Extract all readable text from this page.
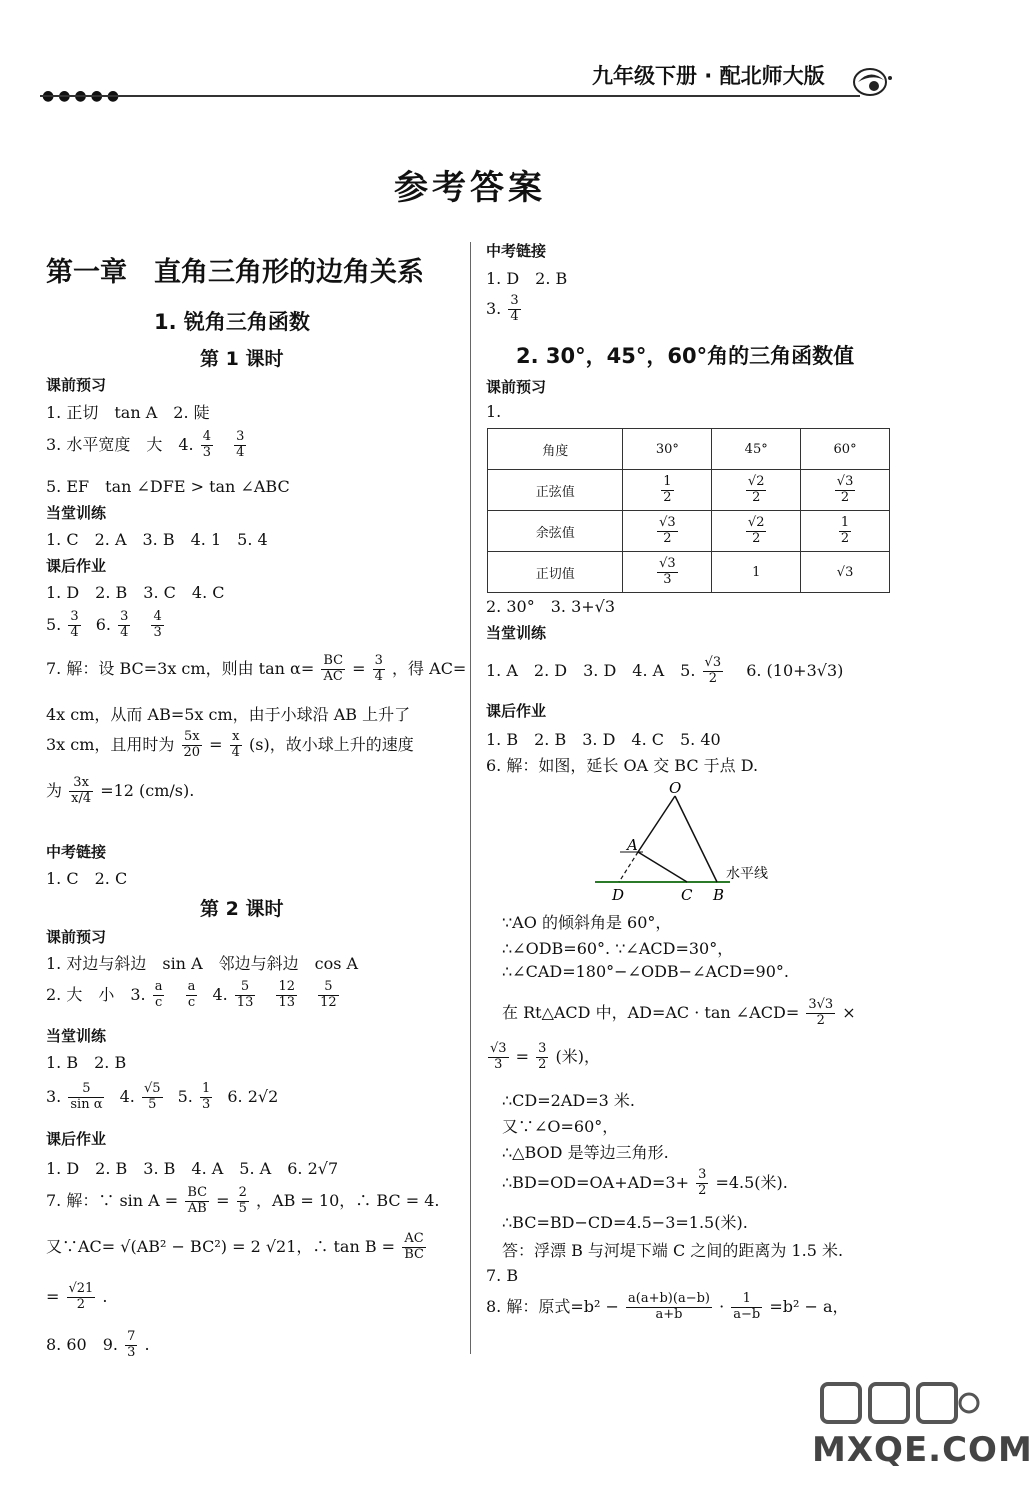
●●●●●
九年级下册 · 配北师大版
参考答案
第一章　直角三角形的边角关系
1. 锐角三角函数
第 1 课时
课前预习
1. 正切　tan A　2. 陡
3. 水平宽度　大　4. $\frac{4}{3}$
$\frac{3}{4}$
5. EF　tan ∠DFE > tan ∠ABC
当堂训练
1. C　2. A　3. B　4. 1　5. 4
课后作业
1. D　2. B　3. C　4. C
5. $\frac{3}{4} 6$. $\frac{3}{4}$
$\frac{4}{3}$
7. 解：设 BC=3x cm，则由 $\tan \alpha= \frac{BC}{AC} = \frac{3}{4}$ ，得 AC=
4x cm，从而 AB=5x cm，由于小球沿 AB 上升了
3x cm，且用时为 $\frac{5x}{20} = \frac{x}{4} (s)$，故小球上升的速度
为 $\frac{3x}{x/4} =12$ (cm/s).
中考链接
1. C　2. C
第 2 课时
课前预习
1. 对边与斜边　sin A　邻边与斜边　cos A
2. 大　小　3. $\frac{a}{c}$
$\frac{a}{c} 4$. $\frac{5}{13}$
$\frac{12}{13}$
$\frac{5}{12}$
当堂训练
1. B　2. B
3. $\frac{5}{\text{sin α}} 4$. $\frac{√5}{5} 5$. $\frac{1}{3} 6$. 2√2
课后作业
1. D　2. B　3. B　4. A　5. A　6. 2√7
7. 解：∵ $\sin A = \frac{BC}{AB} = \frac{2}{5}$ ，AB = 10，∴ BC = 4.
又∵AC= √(AB² − BC²) = 2 √21，∴ $\tan B = \frac{AC}{BC}$
= $\frac{√21}{2}$ .
8. 60　9. $\frac{7}{3}$ .
中考链接
1. D　2. B
3. $\frac{3}{4}$
2. 30°，45°，60°角的三角函数值
课前预习
1.
角度	30°	45°	60°
正弦值	$\frac{1}{2}$	$\frac{√2}{2}$	$\frac{√3}{2}$

余弦值	$\frac{√3}{2}$	$\frac{√2}{2}$	$\frac{1}{2}$

正切值	$\frac{√3}{3}$	1	√3
2. 30°　3. 3+√3
当堂训练
1. A　2. D　3. D　4. A　5. $\frac{√3}{2} 6$. (10+3√3)
课后作业
1. B　2. B　3. D　4. C　5. 40
6. 解：如图，延长 OA 交 BC 于点 D.
∵AO 的倾斜角是 60°，
∴∠ODB=60°. ∵∠ACD=30°，
∴∠CAD=180°−∠ODB−∠ACD=90°.
在 Rt△ACD 中，AD=AC · tan ∠ACD= $\frac{3√3}{2}$ ×
$\frac{√3}{3} = \frac{3}{2}$ (米)，
∴CD=2AD=3 米.
又∵∠O=60°，
∴△BOD 是等边三角形.
∴BD=OD=OA+AD=3+ $\frac{3}{2} =4.5$(米).
∴BC=BD−CD=4.5−3=1.5(米).
答：浮漂 B 与河堤下端 C 之间的距离为 1.5 米.
7. B
8. 解：原式$=b^2 - \frac{a(a+b)(a-b)}{a+b} \cdot \frac{1}{a-b} =b^2 - a$，
O
A
D	C B
水平线
MXQE.COM
